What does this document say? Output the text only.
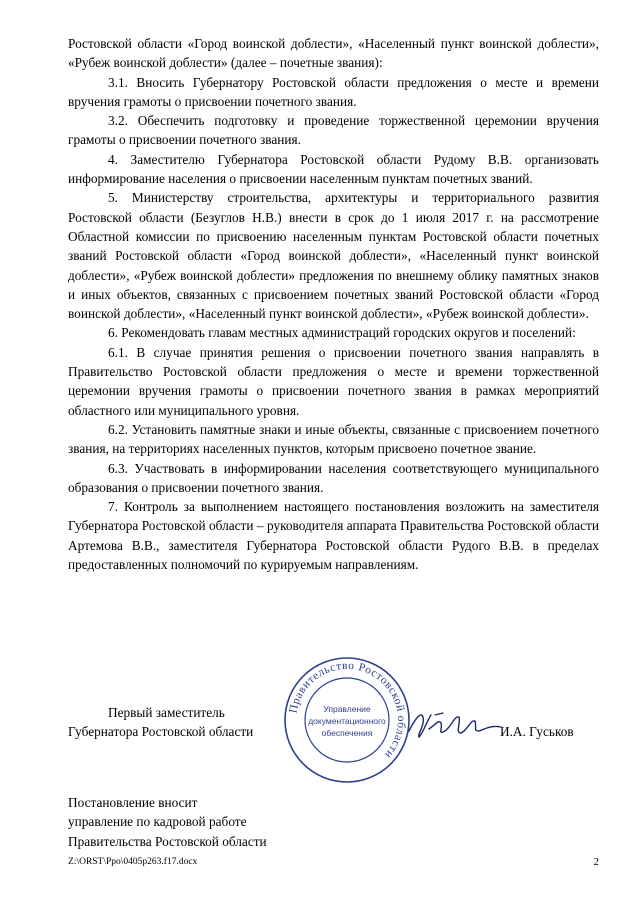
Ростовской области «Город воинской доблести», «Населенный пункт воинской доблести», «Рубеж воинской доблести» (далее – почетные звания):

3.1. Вносить Губернатору Ростовской области предложения о месте и времени вручения грамоты о присвоении почетного звания.

3.2. Обеспечить подготовку и проведение торжественной церемонии вручения грамоты о присвоении почетного звания.

4. Заместителю Губернатора Ростовской области Рудому В.В. организовать информирование населения о присвоении населенным пунктам почетных званий.

5. Министерству строительства, архитектуры и территориального развития Ростовской области (Безуглов Н.В.) внести в срок до 1 июля 2017 г. на рассмотрение Областной комиссии по присвоению населенным пунктам Ростовской области почетных званий Ростовской области «Город воинской доблести», «Населенный пункт воинской доблести», «Рубеж воинской доблести» предложения по внешнему облику памятных знаков и иных объектов, связанных с присвоением почетных званий Ростовской области «Город воинской доблести», «Населенный пункт воинской доблести», «Рубеж воинской доблести».

6. Рекомендовать главам местных администраций городских округов и поселений:

6.1. В случае принятия решения о присвоении почетного звания направлять в Правительство Ростовской области предложения о месте и времени торжественной церемонии вручения грамоты о присвоении почетного звания в рамках мероприятий областного или муниципального уровня.

6.2. Установить памятные знаки и иные объекты, связанные с присвоением почетного звания, на территориях населенных пунктов, которым присвоено почетное звание.

6.3. Участвовать в информировании населения соответствующего муниципального образования о присвоении почетного звания.

7. Контроль за выполнением настоящего постановления возложить на заместителя Губернатора Ростовской области – руководителя аппарата Правительства Ростовской области Артемова В.В., заместителя Губернатора Ростовской области Рудого В.В. в пределах предоставленных полномочий по курируемым направлениям.

Первый заместитель

Губернатора Ростовской области

Правительство Ростовской области
Управление
документационного
обеспечения	И.А. Гуськов

Постановление вносит

управление по кадровой работе

Правительства Ростовской области

Z:\ORST\Ppo\0405p263.f17.docx	2
